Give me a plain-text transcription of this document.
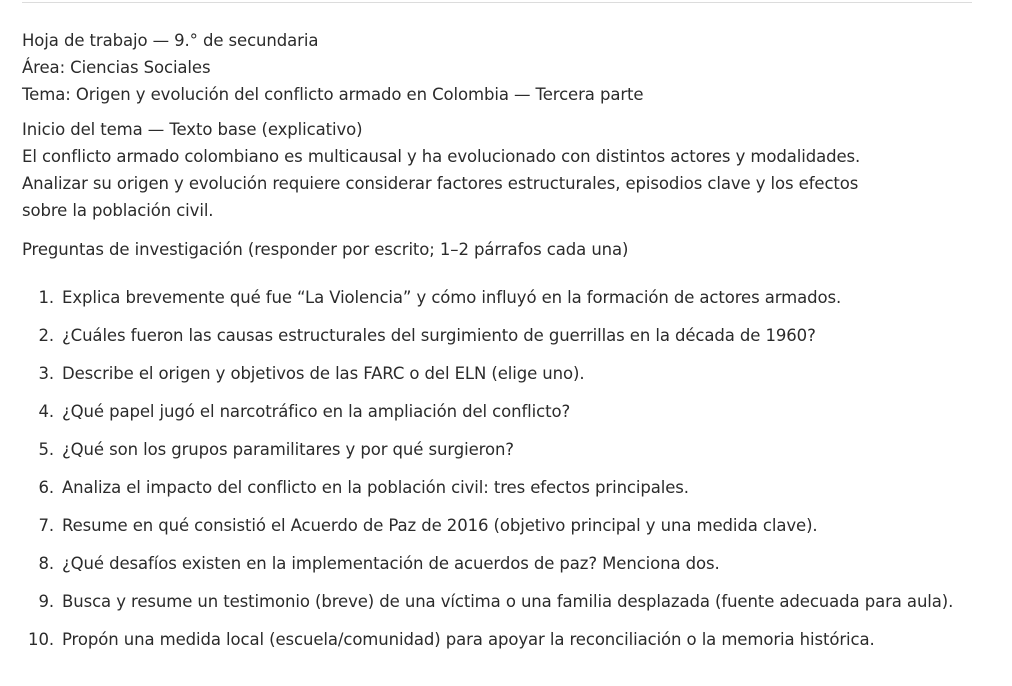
Hoja de trabajo — 9.° de secundaria

Área: Ciencias Sociales

Tema: Origen y evolución del conflicto armado en Colombia — Tercera parte

Inicio del tema — Texto base (explicativo)

El conflicto armado colombiano es multicausal y ha evolucionado con distintos actores y modalidades.

Analizar su origen y evolución requiere considerar factores estructurales, episodios clave y los efectos

sobre la población civil.

Preguntas de investigación (responder por escrito; 1–2 párrafos cada una)

1. Explica brevemente qué fue “La Violencia” y cómo influyó en la formación de actores armados.
2. ¿Cuáles fueron las causas estructurales del surgimiento de guerrillas en la década de 1960?
3. Describe el origen y objetivos de las FARC o del ELN (elige uno).
4. ¿Qué papel jugó el narcotráfico en la ampliación del conflicto?
5. ¿Qué son los grupos paramilitares y por qué surgieron?
6. Analiza el impacto del conflicto en la población civil: tres efectos principales.
7. Resume en qué consistió el Acuerdo de Paz de 2016 (objetivo principal y una medida clave).
8. ¿Qué desafíos existen en la implementación de acuerdos de paz? Menciona dos.
9. Busca y resume un testimonio (breve) de una víctima o una familia desplazada (fuente adecuada para aula).
10. Propón una medida local (escuela/comunidad) para apoyar la reconciliación o la memoria histórica.
